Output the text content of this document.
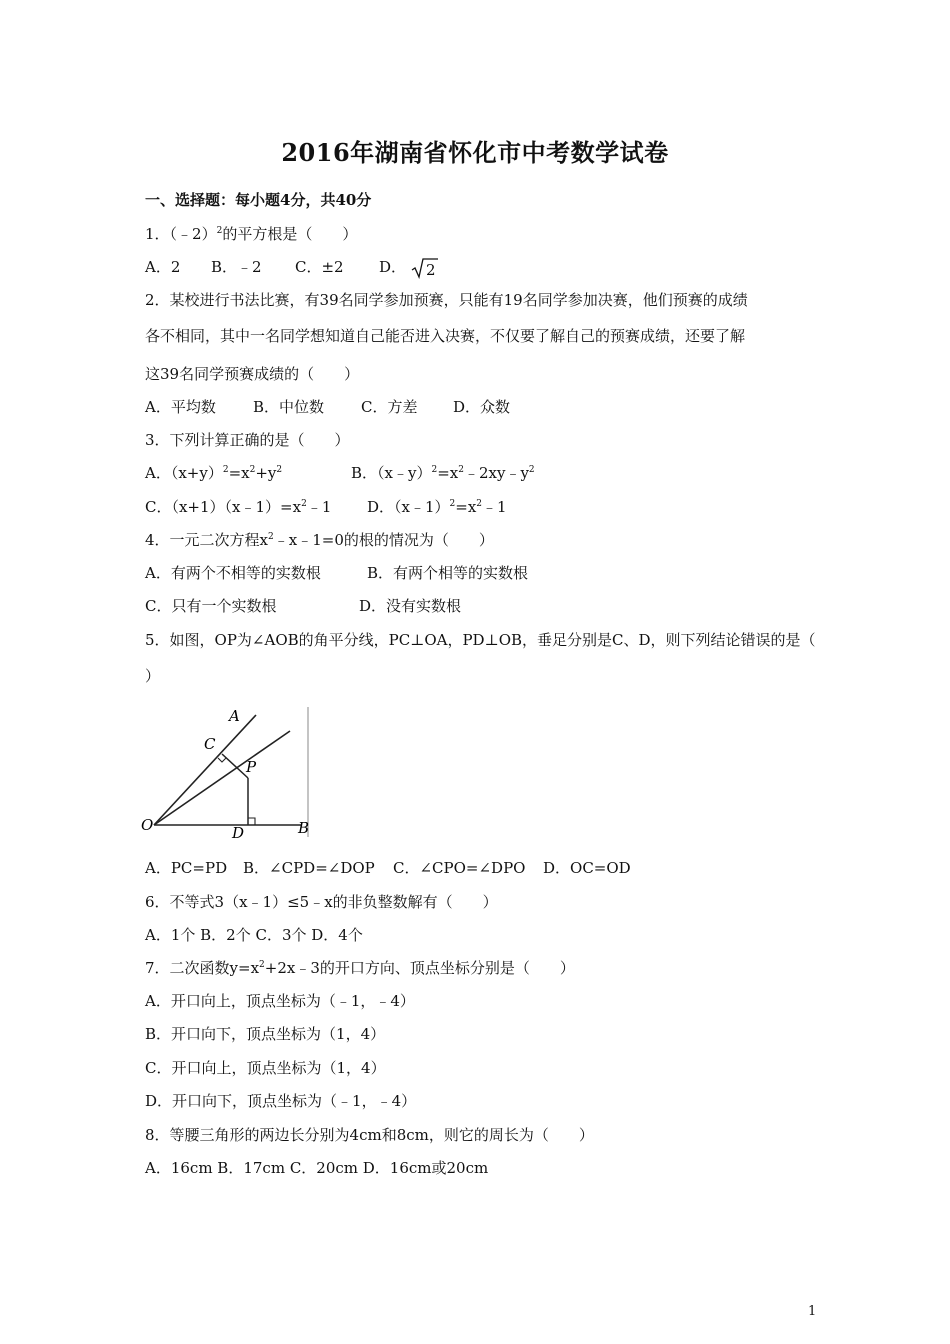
2016年湖南省怀化市中考数学试卷
一、选择题：每小题4分，共40分
1．（﹣2）$^2$的平方根是（　　）
A．2 B．﹣2 C．±2 D． 2
2．某校进行书法比赛，有39名同学参加预赛，只能有19名同学参加决赛，他们预赛的成绩
各不相同，其中一名同学想知道自己能否进入决赛，不仅要了解自己的预赛成绩，还要了解
这39名同学预赛成绩的（　　）
A．平均数 B．中位数 C．方差 D．众数
3．下列计算正确的是（　　）
A．$(x+y)^2=x^2+y^2$	B．$(x﹣y)^2=x^2﹣2xy﹣y^2$
C．$(x+1)(x﹣1)=x^2﹣1$ D．$(x﹣1)^2=x^2﹣1$
4．一元二次方程$x^2﹣x﹣1=0$的根的情况为（　　）
A．有两个不相等的实数根	B．有两个相等的实数根
C．只有一个实数根	D．没有实数根
5．如图，OP为∠AOB的角平分线，PC⊥OA，PD⊥OB，垂足分别是C、D，则下列结论错误的是（
）
A
C
P
O	D	B
A．PC=PD B．∠CPD=∠DOP C．∠CPO=∠DPO D．OC=OD
6．不等式3（x﹣1）≤5﹣x的非负整数解有（　　）
A．1个 B．2个 C．3个 D．4个
7．二次函数$y=x^2+2x﹣3$的开口方向、顶点坐标分别是（　　）
A．开口向上，顶点坐标为（﹣1，﹣4）
B．开口向下，顶点坐标为（1，4）
C．开口向上，顶点坐标为（1，4）
D．开口向下，顶点坐标为（﹣1，﹣4）
8．等腰三角形的两边长分别为4cm和8cm，则它的周长为（　　）
A．16cm B．17cm C．20cm D．16cm或20cm
1
